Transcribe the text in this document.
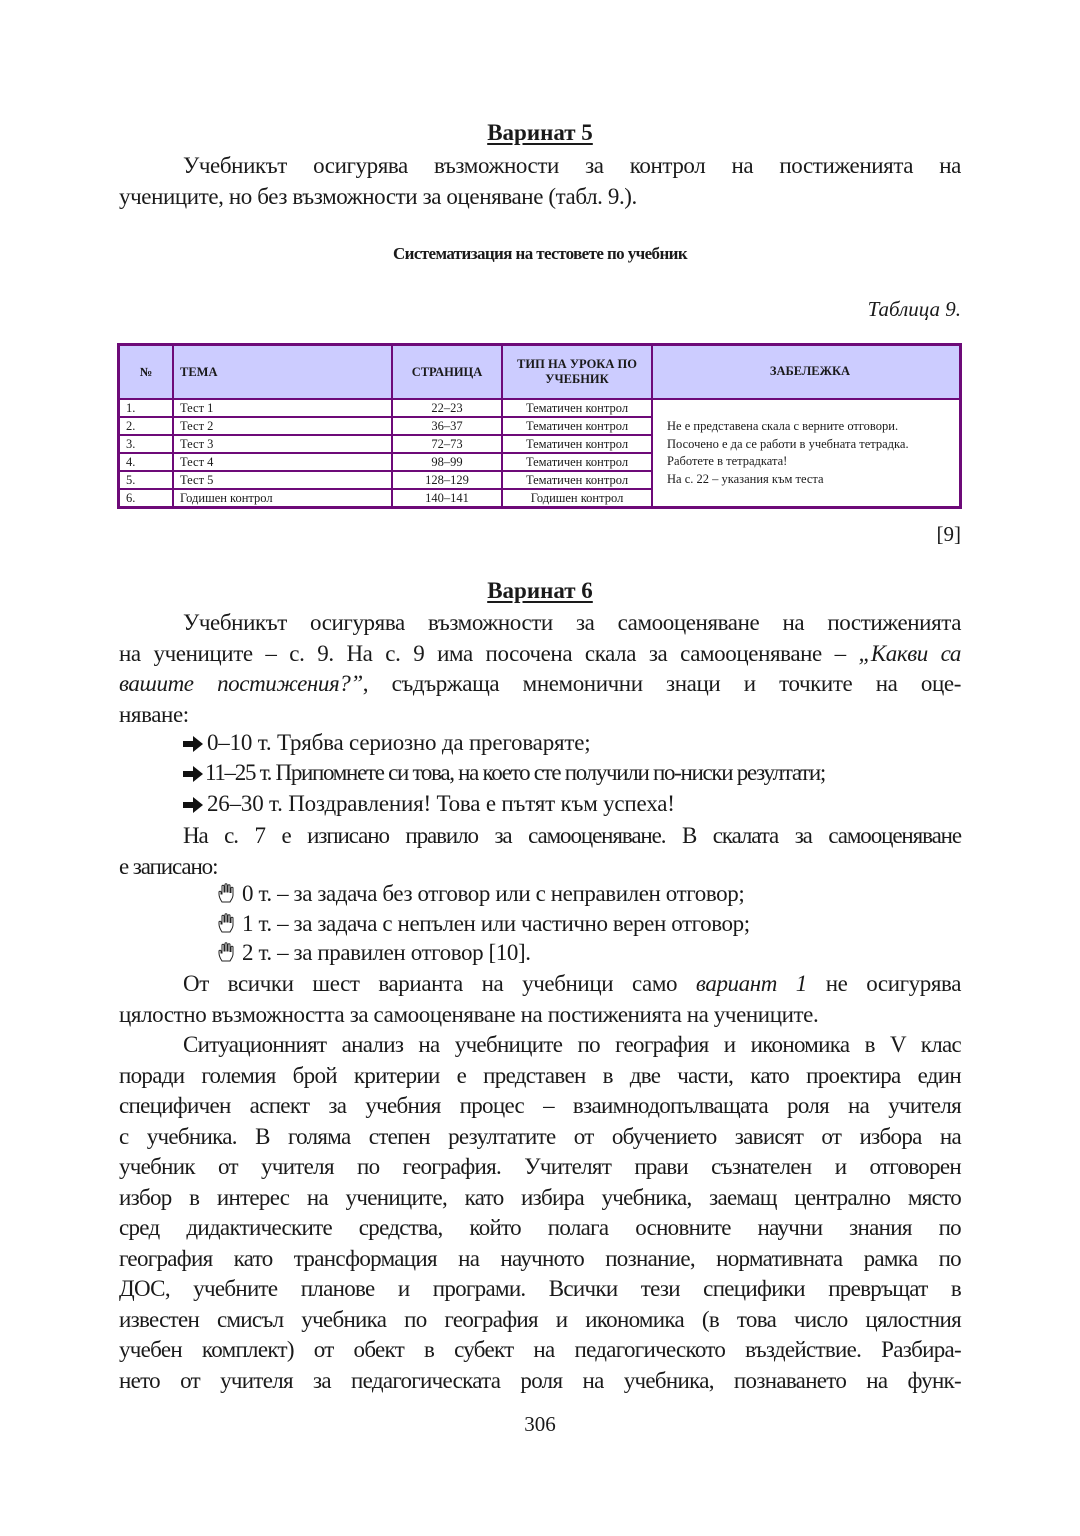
Варинат 5
Учебникът осигурява възможности за контрол на постиженията на
учениците, но без възможности за оценяване (табл. 9.).
Систематизация на тестовете по учебник
Таблица 9.
№	ТЕМА	СТРАНИЦА	ТИП НА УРОКА ПО УЧЕБНИК	ЗАБЕЛЕЖКА
1.	Тест 1	22–23	Тематичен контрол	Не е представена скала с верните отговори.
Посочено е да се работи в учебната тетрадка.
Работете в тетрадката!
На с. 22 – указания към теста

2.	Тест 2	36–37	Тематичен контрол	
3.	Тест 3	72–73	Тематичен контрол	
4.	Тест 4	98–99	Тематичен контрол	
5.	Тест 5	128–129	Тематичен контрол	
6.	Годишен контрол	140–141	Годишен контрол	
[9]
Варинат 6
Учебникът осигурява възможности за самооценяване на постиженията
на учениците – с. 9. На с. 9 има посочена скала за самооценяване – „Какви са
вашите постижения?”, съдържаща мнемонични знаци и точките на оце-
няване:
0–10 т. Трябва сериозно да преговаряте;
11–25 т. Припомнете си това, на което сте получили по-ниски резултати;
26–30 т. Поздравления! Това е пътят към успеха!
На с. 7 е изписано правило за самооценяване. В скалата за самооценяване
е записано:
0 т. – за задача без отговор или с неправилен отговор;
1 т. – за задача с непълен или частично верен отговор;
2 т. – за правилен отговор [10].
От всички шест варианта на учебници само вариант 1 не осигурява
цялостно възможността за самооценяване на постиженията на учениците.
Ситуационният анализ на учебниците по география и икономика в V клас
поради големия брой критерии е представен в две части, като проектира един
специфичен аспект за учебния процес – взаимнодопълващата роля на учителя
с учебника. В голяма степен резултатите от обучението зависят от избора на
учебник от учителя по география. Учителят прави съзнателен и отговорен
избор в интерес на учениците, като избира учебника, заемащ централно място
сред дидактическите средства, който полага основните научни знания по
география като трансформация на научното познание, нормативната рамка по
ДОС, учебните планове и програми. Всички тези специфики превръщат в
известен смисъл учебника по география и икономика (в това число цялостния
учебен комплект) от обект в субект на педагогическото въздействие. Разбира-
нето от учителя за педагогическата роля на учебника, познаването на функ-
306
